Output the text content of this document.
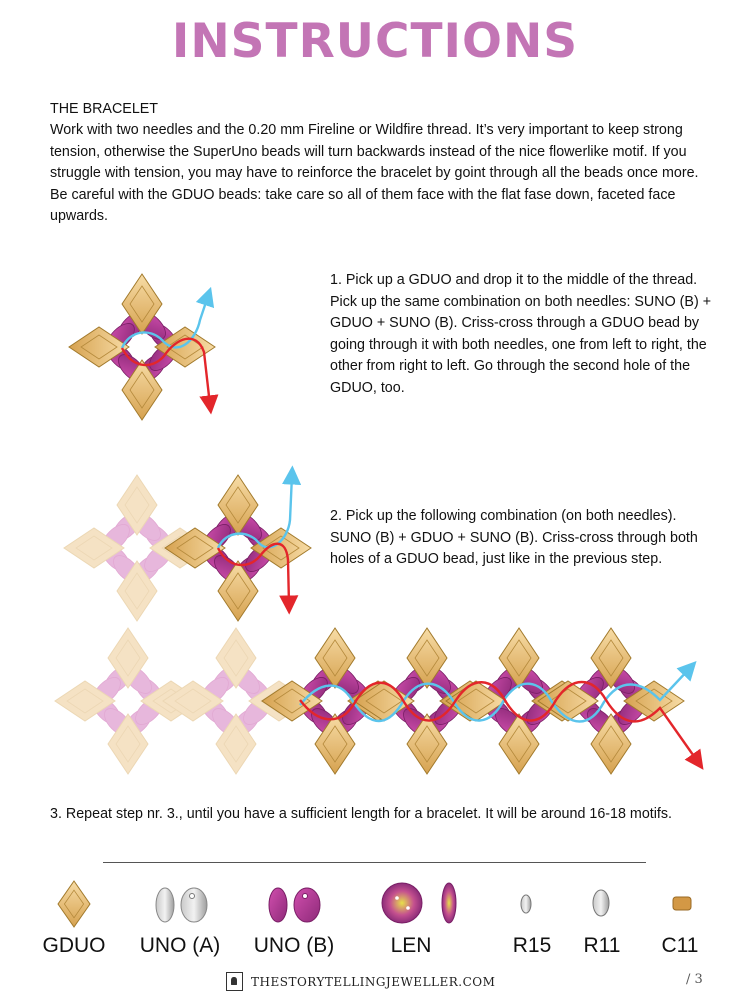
INSTRUCTIONS

THE BRACELET

Work with two needles and the 0.20 mm Fireline or Wildfire thread. It’s very important to keep strong tension, otherwise the SuperUno beads will turn backwards instead of the nice flowerlike motif. If you struggle with tension, you may have to reinforce the bracelet by goint through all the beads once more.

Be careful with the GDUO beads: take care so all of them face with the flat fase down, faceted face upwards.

1. Pick up a GDUO and drop it to the middle of the thread. Pick up the same combination on both needles: SUNO (B) + GDUO + SUNO (B). Criss-cross through a GDUO bead by going through it with both needles, one from left to right, the other from right to left. Go through the second hole of the GDUO, too.
2. Pick up the following combination (on both needles). SUNO (B) + GDUO + SUNO (B). Criss-cross through both holes of a GDUO bead, just like in the previous step.
3. Repeat step nr. 3., until you have a sufficient length for a bracelet. It will be around 16-18 motifs.
GDUO	UNO (A)	UNO (B)	LEN	R15	R11	C11
THESTORYTELLINGJEWELLER.COM	/ 3
